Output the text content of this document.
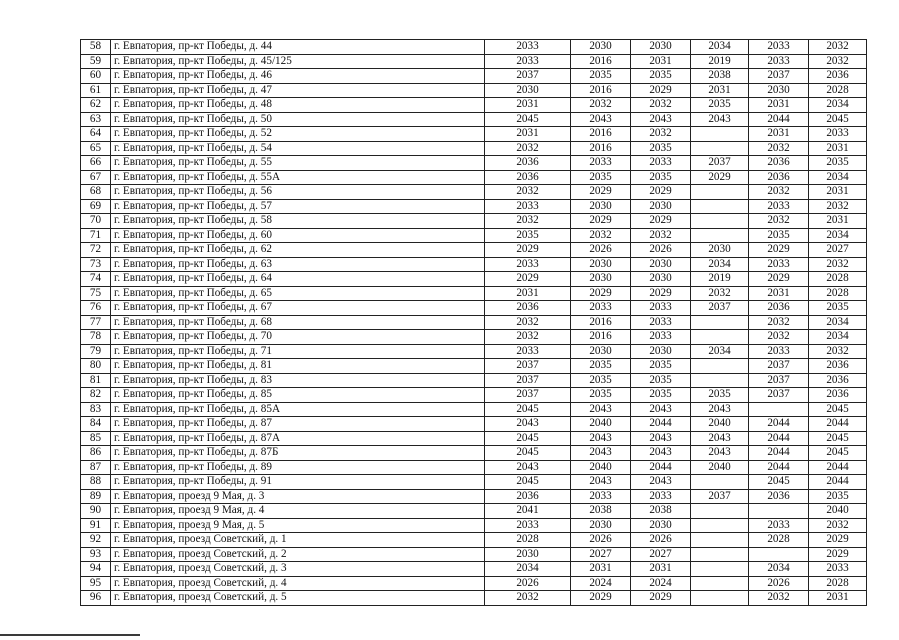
58	г. Евпатория, пр-кт Победы, д. 44	2033	2030	2030	2034	2033	2032
59	г. Евпатория, пр-кт Победы, д. 45/125	2033	2016	2031	2019	2033	2032
60	г. Евпатория, пр-кт Победы, д. 46	2037	2035	2035	2038	2037	2036
61	г. Евпатория, пр-кт Победы, д. 47	2030	2016	2029	2031	2030	2028
62	г. Евпатория, пр-кт Победы, д. 48	2031	2032	2032	2035	2031	2034
63	г. Евпатория, пр-кт Победы, д. 50	2045	2043	2043	2043	2044	2045
64	г. Евпатория, пр-кт Победы, д. 52	2031	2016	2032		2031	2033
65	г. Евпатория, пр-кт Победы, д. 54	2032	2016	2035		2032	2031
66	г. Евпатория, пр-кт Победы, д. 55	2036	2033	2033	2037	2036	2035
67	г. Евпатория, пр-кт Победы, д. 55А	2036	2035	2035	2029	2036	2034
68	г. Евпатория, пр-кт Победы, д. 56	2032	2029	2029		2032	2031
69	г. Евпатория, пр-кт Победы, д. 57	2033	2030	2030		2033	2032
70	г. Евпатория, пр-кт Победы, д. 58	2032	2029	2029		2032	2031
71	г. Евпатория, пр-кт Победы, д. 60	2035	2032	2032		2035	2034
72	г. Евпатория, пр-кт Победы, д. 62	2029	2026	2026	2030	2029	2027
73	г. Евпатория, пр-кт Победы, д. 63	2033	2030	2030	2034	2033	2032
74	г. Евпатория, пр-кт Победы, д. 64	2029	2030	2030	2019	2029	2028
75	г. Евпатория, пр-кт Победы, д. 65	2031	2029	2029	2032	2031	2028
76	г. Евпатория, пр-кт Победы, д. 67	2036	2033	2033	2037	2036	2035
77	г. Евпатория, пр-кт Победы, д. 68	2032	2016	2033		2032	2034
78	г. Евпатория, пр-кт Победы, д. 70	2032	2016	2033		2032	2034
79	г. Евпатория, пр-кт Победы, д. 71	2033	2030	2030	2034	2033	2032
80	г. Евпатория, пр-кт Победы, д. 81	2037	2035	2035		2037	2036
81	г. Евпатория, пр-кт Победы, д. 83	2037	2035	2035		2037	2036
82	г. Евпатория, пр-кт Победы, д. 85	2037	2035	2035	2035	2037	2036
83	г. Евпатория, пр-кт Победы, д. 85А	2045	2043	2043	2043		2045
84	г. Евпатория, пр-кт Победы, д. 87	2043	2040	2044	2040	2044	2044
85	г. Евпатория, пр-кт Победы, д. 87А	2045	2043	2043	2043	2044	2045
86	г. Евпатория, пр-кт Победы, д. 87Б	2045	2043	2043	2043	2044	2045
87	г. Евпатория, пр-кт Победы, д. 89	2043	2040	2044	2040	2044	2044
88	г. Евпатория, пр-кт Победы, д. 91	2045	2043	2043		2045	2044
89	г. Евпатория, проезд 9 Мая, д. 3	2036	2033	2033	2037	2036	2035
90	г. Евпатория, проезд 9 Мая, д. 4	2041	2038	2038			2040
91	г. Евпатория, проезд 9 Мая, д. 5	2033	2030	2030		2033	2032
92	г. Евпатория, проезд Советский, д. 1	2028	2026	2026		2028	2029
93	г. Евпатория, проезд Советский, д. 2	2030	2027	2027			2029
94	г. Евпатория, проезд Советский, д. 3	2034	2031	2031		2034	2033
95	г. Евпатория, проезд Советский, д. 4	2026	2024	2024		2026	2028
96	г. Евпатория, проезд Советский, д. 5	2032	2029	2029		2032	2031
